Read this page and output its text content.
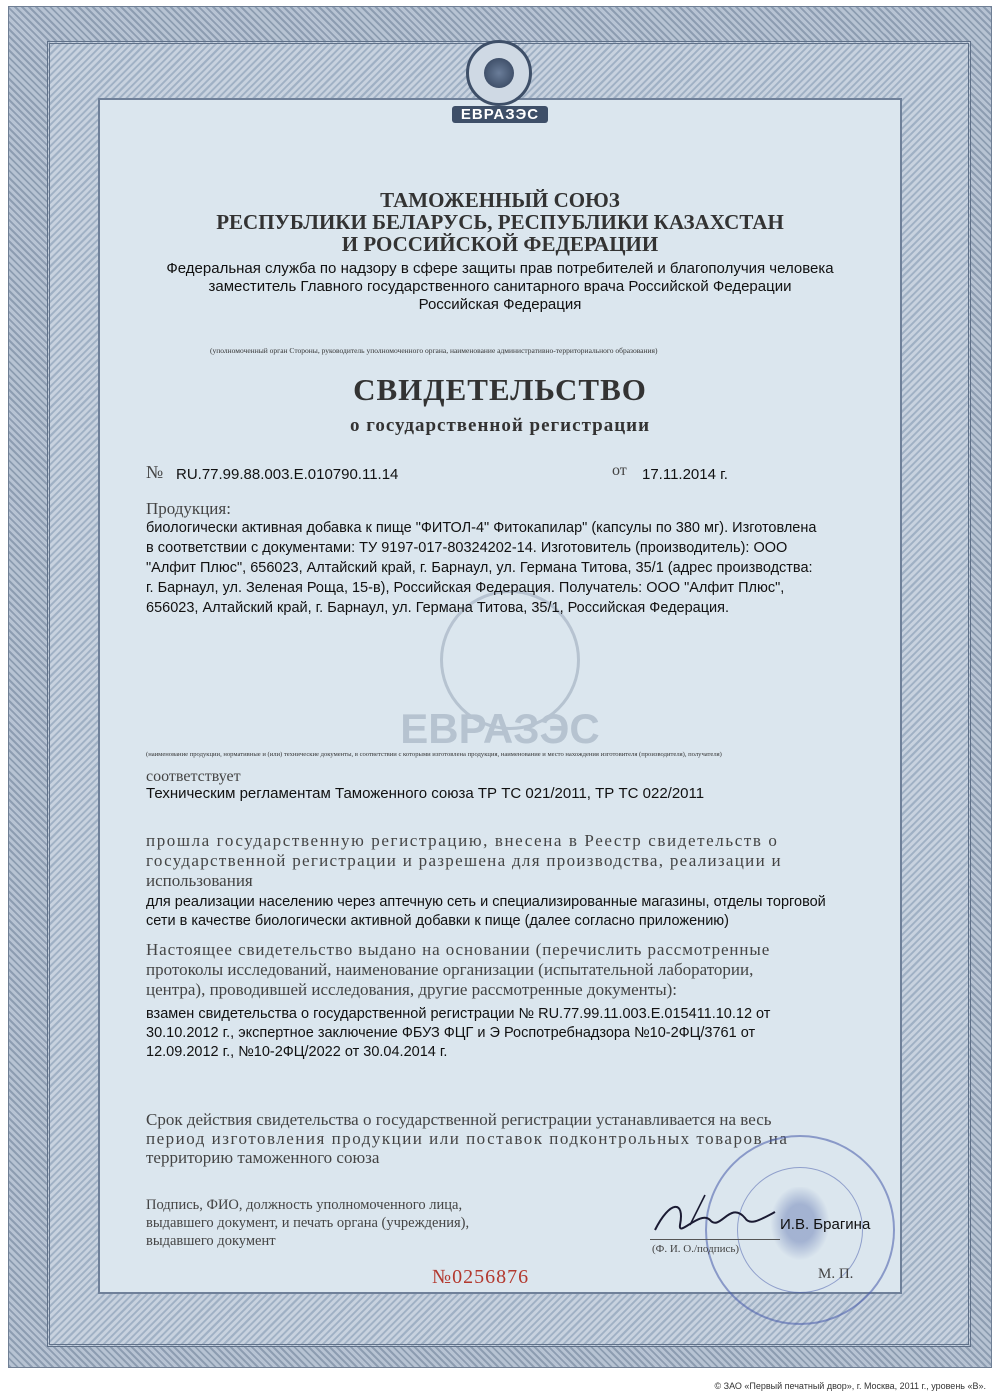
© ЗАО «Первый печатный двор», г. Москва, 2011 г., уровень «В».
ЕВРАЗЭС
ЕВРАЗЭС
ТАМОЖЕННЫЙ СОЮЗ
РЕСПУБЛИКИ БЕЛАРУСЬ, РЕСПУБЛИКИ КАЗАХСТАН
И РОССИЙСКОЙ ФЕДЕРАЦИИ
Федеральная служба по надзору в сфере защиты прав потребителей и благополучия человека
заместитель Главного государственного санитарного врача Российской Федерации
Российская Федерация
(уполномоченный орган Стороны, руководитель уполномоченного органа, наименование административно-территориального образования)
СВИДЕТЕЛЬСТВО
о государственной регистрации
№ RU.77.99.88.003.Е.010790.11.14	от	17.11.2014 г.
Продукция:
биологически активная добавка к пище "ФИТОЛ-4" Фитокапилар" (капсулы по 380 мг). Изготовлена
в соответствии с документами: ТУ 9197-017-80324202-14. Изготовитель (производитель): ООО
"Алфит Плюс", 656023, Алтайский край, г. Барнаул, ул. Германа Титова, 35/1 (адрес производства:
г. Барнаул, ул. Зеленая Роща, 15-в), Российская Федерация. Получатель: ООО "Алфит Плюс",
656023, Алтайский край, г. Барнаул, ул. Германа Титова, 35/1, Российская Федерация.
(наименование продукции, нормативные и (или) технические документы, в соответствии с которыми изготовлена продукция, наименование и место нахождения изготовителя (производителя), получателя)
соответствует
Техническим регламентам Таможенного союза ТР ТС 021/2011, ТР ТС 022/2011
прошла государственную регистрацию, внесена в Реестр свидетельств о
государственной регистрации и разрешена для производства, реализации и
использования
для реализации населению через аптечную сеть и специализированные магазины, отделы торговой
сети в качестве биологически активной добавки к пище (далее согласно приложению)
Настоящее свидетельство выдано на основании (перечислить рассмотренные
протоколы исследований, наименование организации (испытательной лаборатории,
центра), проводившей исследования, другие рассмотренные документы):
взамен свидетельства о государственной регистрации № RU.77.99.11.003.Е.015411.10.12 от
30.10.2012 г., экспертное заключение ФБУЗ ФЦГ и Э Роспотребнадзора №10-2ФЦ/3761 от
12.09.2012 г., №10-2ФЦ/2022 от 30.04.2014 г.
Срок действия свидетельства о государственной регистрации устанавливается на весь
период изготовления продукции или поставок подконтрольных товаров на
территорию таможенного союза
Подпись, ФИО, должность уполномоченного лица,
выдавшего документ, и печать органа (учреждения),
выдавшего документ
И.В. Брагина
(Ф. И. О./подпись)
М. П.
№0256876
